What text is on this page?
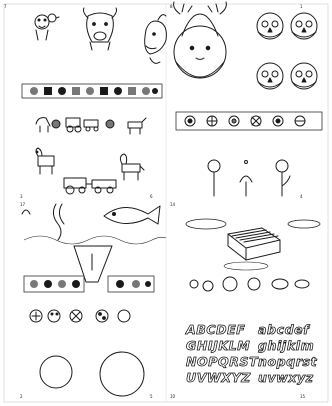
7	8
3	6
17	14
2	5
ABCDEF
GHIJKLM
NOPQRST
UVWXYZ
abcdef
ghijklm
nopqrst
uvwxyz
10	15
4
1
